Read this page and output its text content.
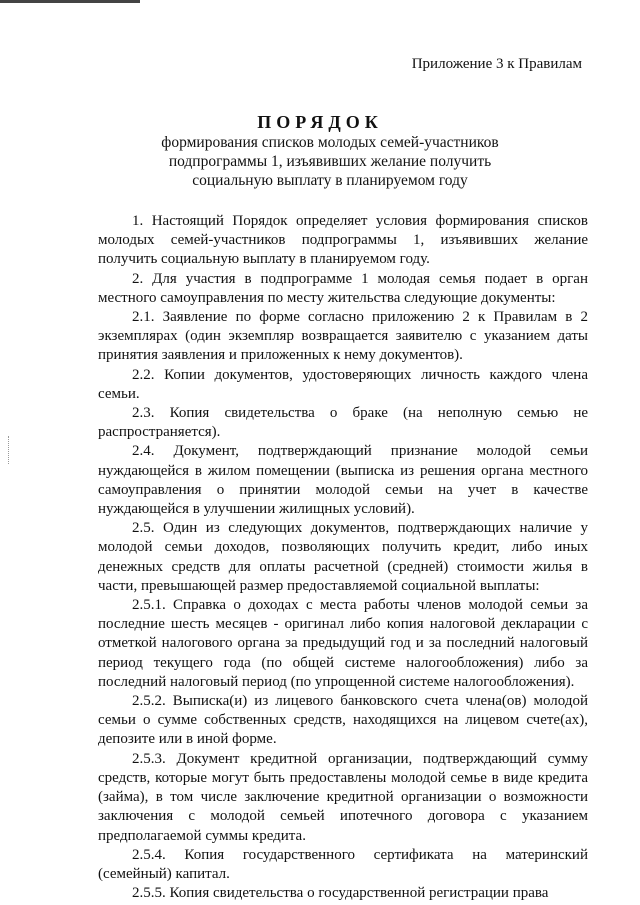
Приложение 3 к Правилам
ПОРЯДОК
формирования списков молодых семей-участников подпрограммы 1, изъявивших желание получить социальную выплату в планируемом году

1. Настоящий Порядок определяет условия формирования списков молодых семей-участников подпрограммы 1, изъявивших желание получить социальную выплату в планируемом году.

2. Для участия в подпрограмме 1 молодая семья подает в орган местного самоуправления по месту жительства следующие документы:

2.1. Заявление по форме согласно приложению 2 к Правилам в 2 экземплярах (один экземпляр возвращается заявителю с указанием даты принятия заявления и приложенных к нему документов).

2.2. Копии документов, удостоверяющих личность каждого члена семьи.

2.3. Копия свидетельства о браке (на неполную семью не распространяется).

2.4. Документ, подтверждающий признание молодой семьи нуждающейся в жилом помещении (выписка из решения органа местного самоуправления о принятии молодой семьи на учет в качестве нуждающейся в улучшении жилищных условий).

2.5. Один из следующих документов, подтверждающих наличие у молодой семьи доходов, позволяющих получить кредит, либо иных денежных средств для оплаты расчетной (средней) стоимости жилья в части, превышающей размер предоставляемой социальной выплаты:

2.5.1. Справка о доходах с места работы членов молодой семьи за последние шесть месяцев - оригинал либо копия налоговой декларации с отметкой налогового органа за предыдущий год и за последний налоговый период текущего года (по общей системе налогообложения) либо за последний налоговый период (по упрощенной системе налогообложения).

2.5.2. Выписка(и) из лицевого банковского счета члена(ов) молодой семьи о сумме собственных средств, находящихся на лицевом счете(ах), депозите или в иной форме.

2.5.3. Документ кредитной организации, подтверждающий сумму средств, которые могут быть предоставлены молодой семье в виде кредита (займа), в том числе заключение кредитной организации о возможности заключения с молодой семьей ипотечного договора с указанием предполагаемой суммы кредита.

2.5.4. Копия государственного сертификата на материнский (семейный) капитал.

2.5.5. Копия свидетельства о государственной регистрации права
